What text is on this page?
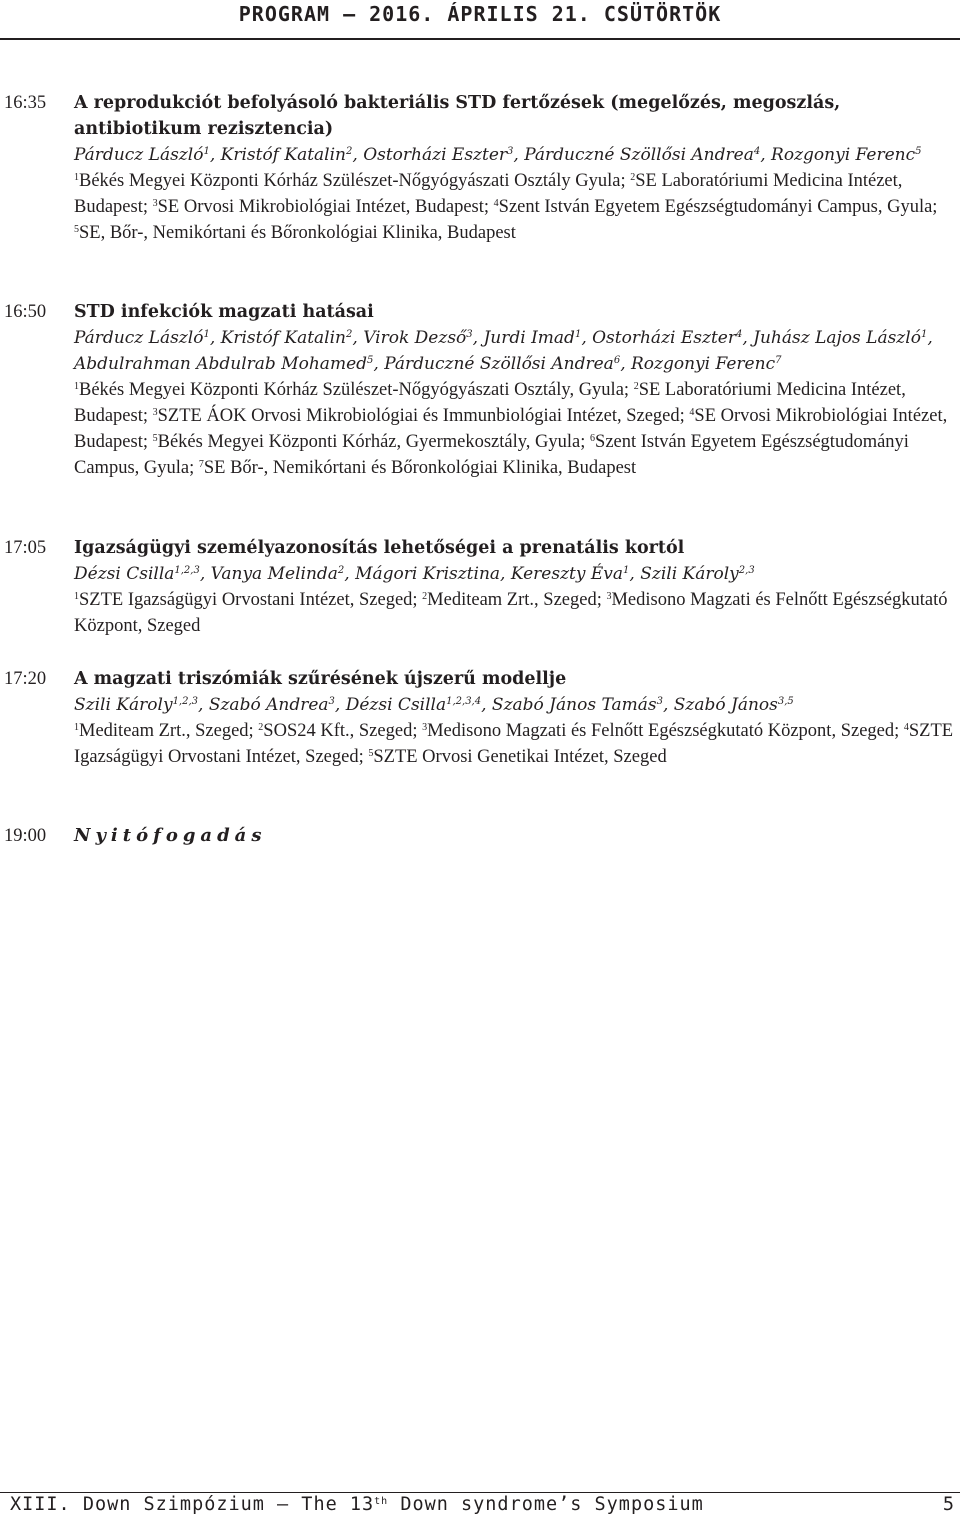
PROGRAM – 2016. ÁPRILIS 21. CSÜTÖRTÖK
16:35 A reprodukciót befolyásoló bakteriális STD fertőzések (megelőzés, megoszlás, antibiotikum rezisztencia)
Párducz László$^1$, Kristóf Katalin$^2$, Ostorházi Eszter$^3$, Párduczné Szöllősi Andrea$^4$, Rozgonyi Ferenc$^5$
$^1$Békés Megyei Központi Kórház Szülészet-Nőgyógyászati Osztály Gyula; $^2$SE Laboratóriumi Medicina Intézet, Budapest; $^3$SE Orvosi Mikrobiológiai Intézet, Budapest; $^4$Szent István Egyetem Egészségtudományi Campus, Gyula; $^5$SE, Bőr-, Nemikórtani és Bőronkológiai Klinika, Budapest
16:50 STD infekciók magzati hatásai
Párducz László$^1$, Kristóf Katalin$^2$, Virok Dezső$^3$, Jurdi Imad$^1$, Ostorházi Eszter$^4$, Juhász Lajos László$^1$, Abdulrahman Abdulrab Mohamed$^5$, Párduczné Szöllősi Andrea$^6$, Rozgonyi Ferenc$^7$
$^1$Békés Megyei Központi Kórház Szülészet-Nőgyógyászati Osztály, Gyula; $^2$SE Laboratóriumi Medicina Intézet, Budapest; $^3$SZTE ÁOK Orvosi Mikrobiológiai és Immunbiológiai Intézet, Szeged; $^4$SE Orvosi Mikrobiológiai Intézet, Budapest; $^5$Békés Megyei Központi Kórház, Gyermekosztály, Gyula; $^6$Szent István Egyetem Egészségtudományi Campus, Gyula; $^7$SE Bőr-, Nemikórtani és Bőronkológiai Klinika, Budapest
17:05 Igazságügyi személyazonosítás lehetőségei a prenatális kortól
Dézsi Csilla$^{1,2,3}$, Vanya Melinda$^2$, Mágori Krisztina, Kereszty Éva$^1$, Szili Károly$^{2,3}$
$^1$SZTE Igazságügyi Orvostani Intézet, Szeged; $^2$Mediteam Zrt., Szeged; $^3$Medisono Magzati és Felnőtt Egészségkutató Központ, Szeged
17:20 A magzati triszómiák szűrésének újszerű modellje
Szili Károly$^{1,2,3}$, Szabó Andrea$^3$, Dézsi Csilla$^{1,2,3,4}$, Szabó János Tamás$^3$, Szabó János$^{3,5}$
$^1$Mediteam Zrt., Szeged; $^2$SOS24 Kft., Szeged; $^3$Medisono Magzati és Felnőtt Egészségkutató Központ, Szeged; $^4$SZTE Igazságügyi Orvostani Intézet, Szeged; $^5$SZTE Orvosi Genetikai Intézet, Szeged
19:00 Nyitófogadás
XIII. Down Szimpózium – The 13th Down syndrome’s Symposium	5
